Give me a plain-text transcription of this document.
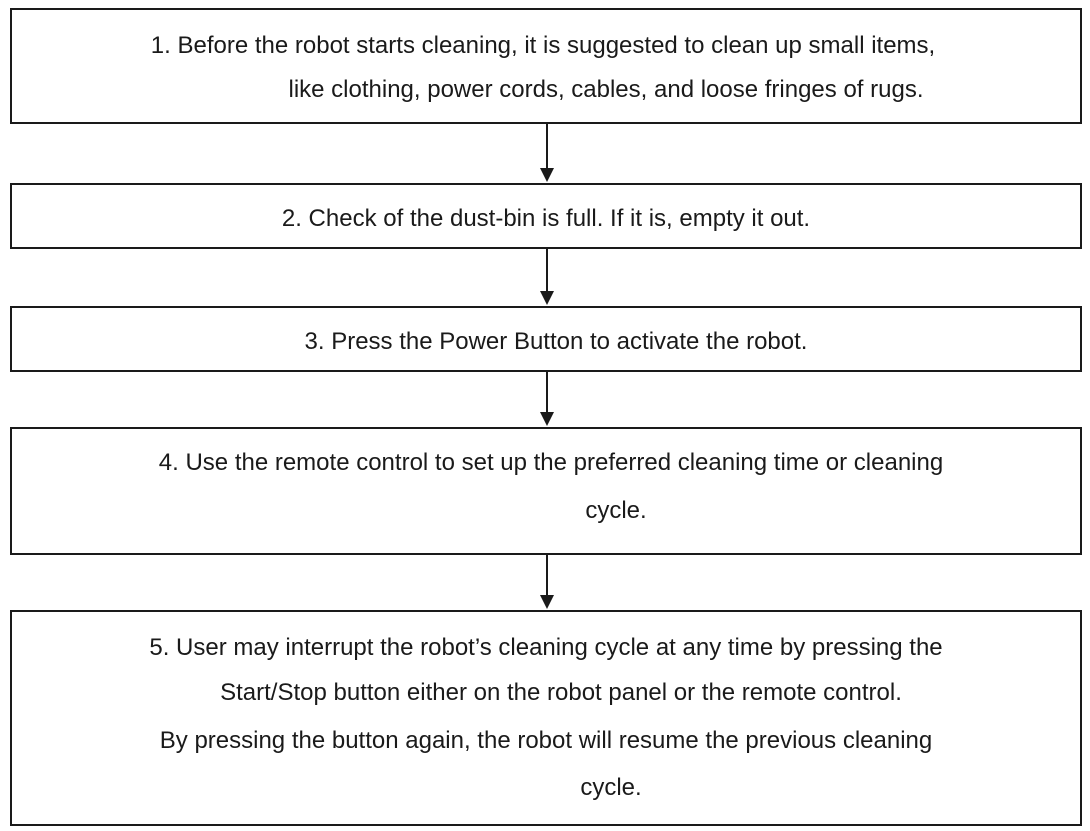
1. Before the robot starts cleaning, it is suggested to clean up small items,
like clothing, power cords, cables, and loose fringes of rugs.
2. Check of the dust-bin is full. If it is, empty it out.
3. Press the Power Button to activate the robot.
4. Use the remote control to set up the preferred cleaning time or cleaning
cycle.
5. User may interrupt the robot’s cleaning cycle at any time by pressing the
Start/Stop button either on the robot panel or the remote control.
By pressing the button again, the robot will resume the previous cleaning
cycle.
